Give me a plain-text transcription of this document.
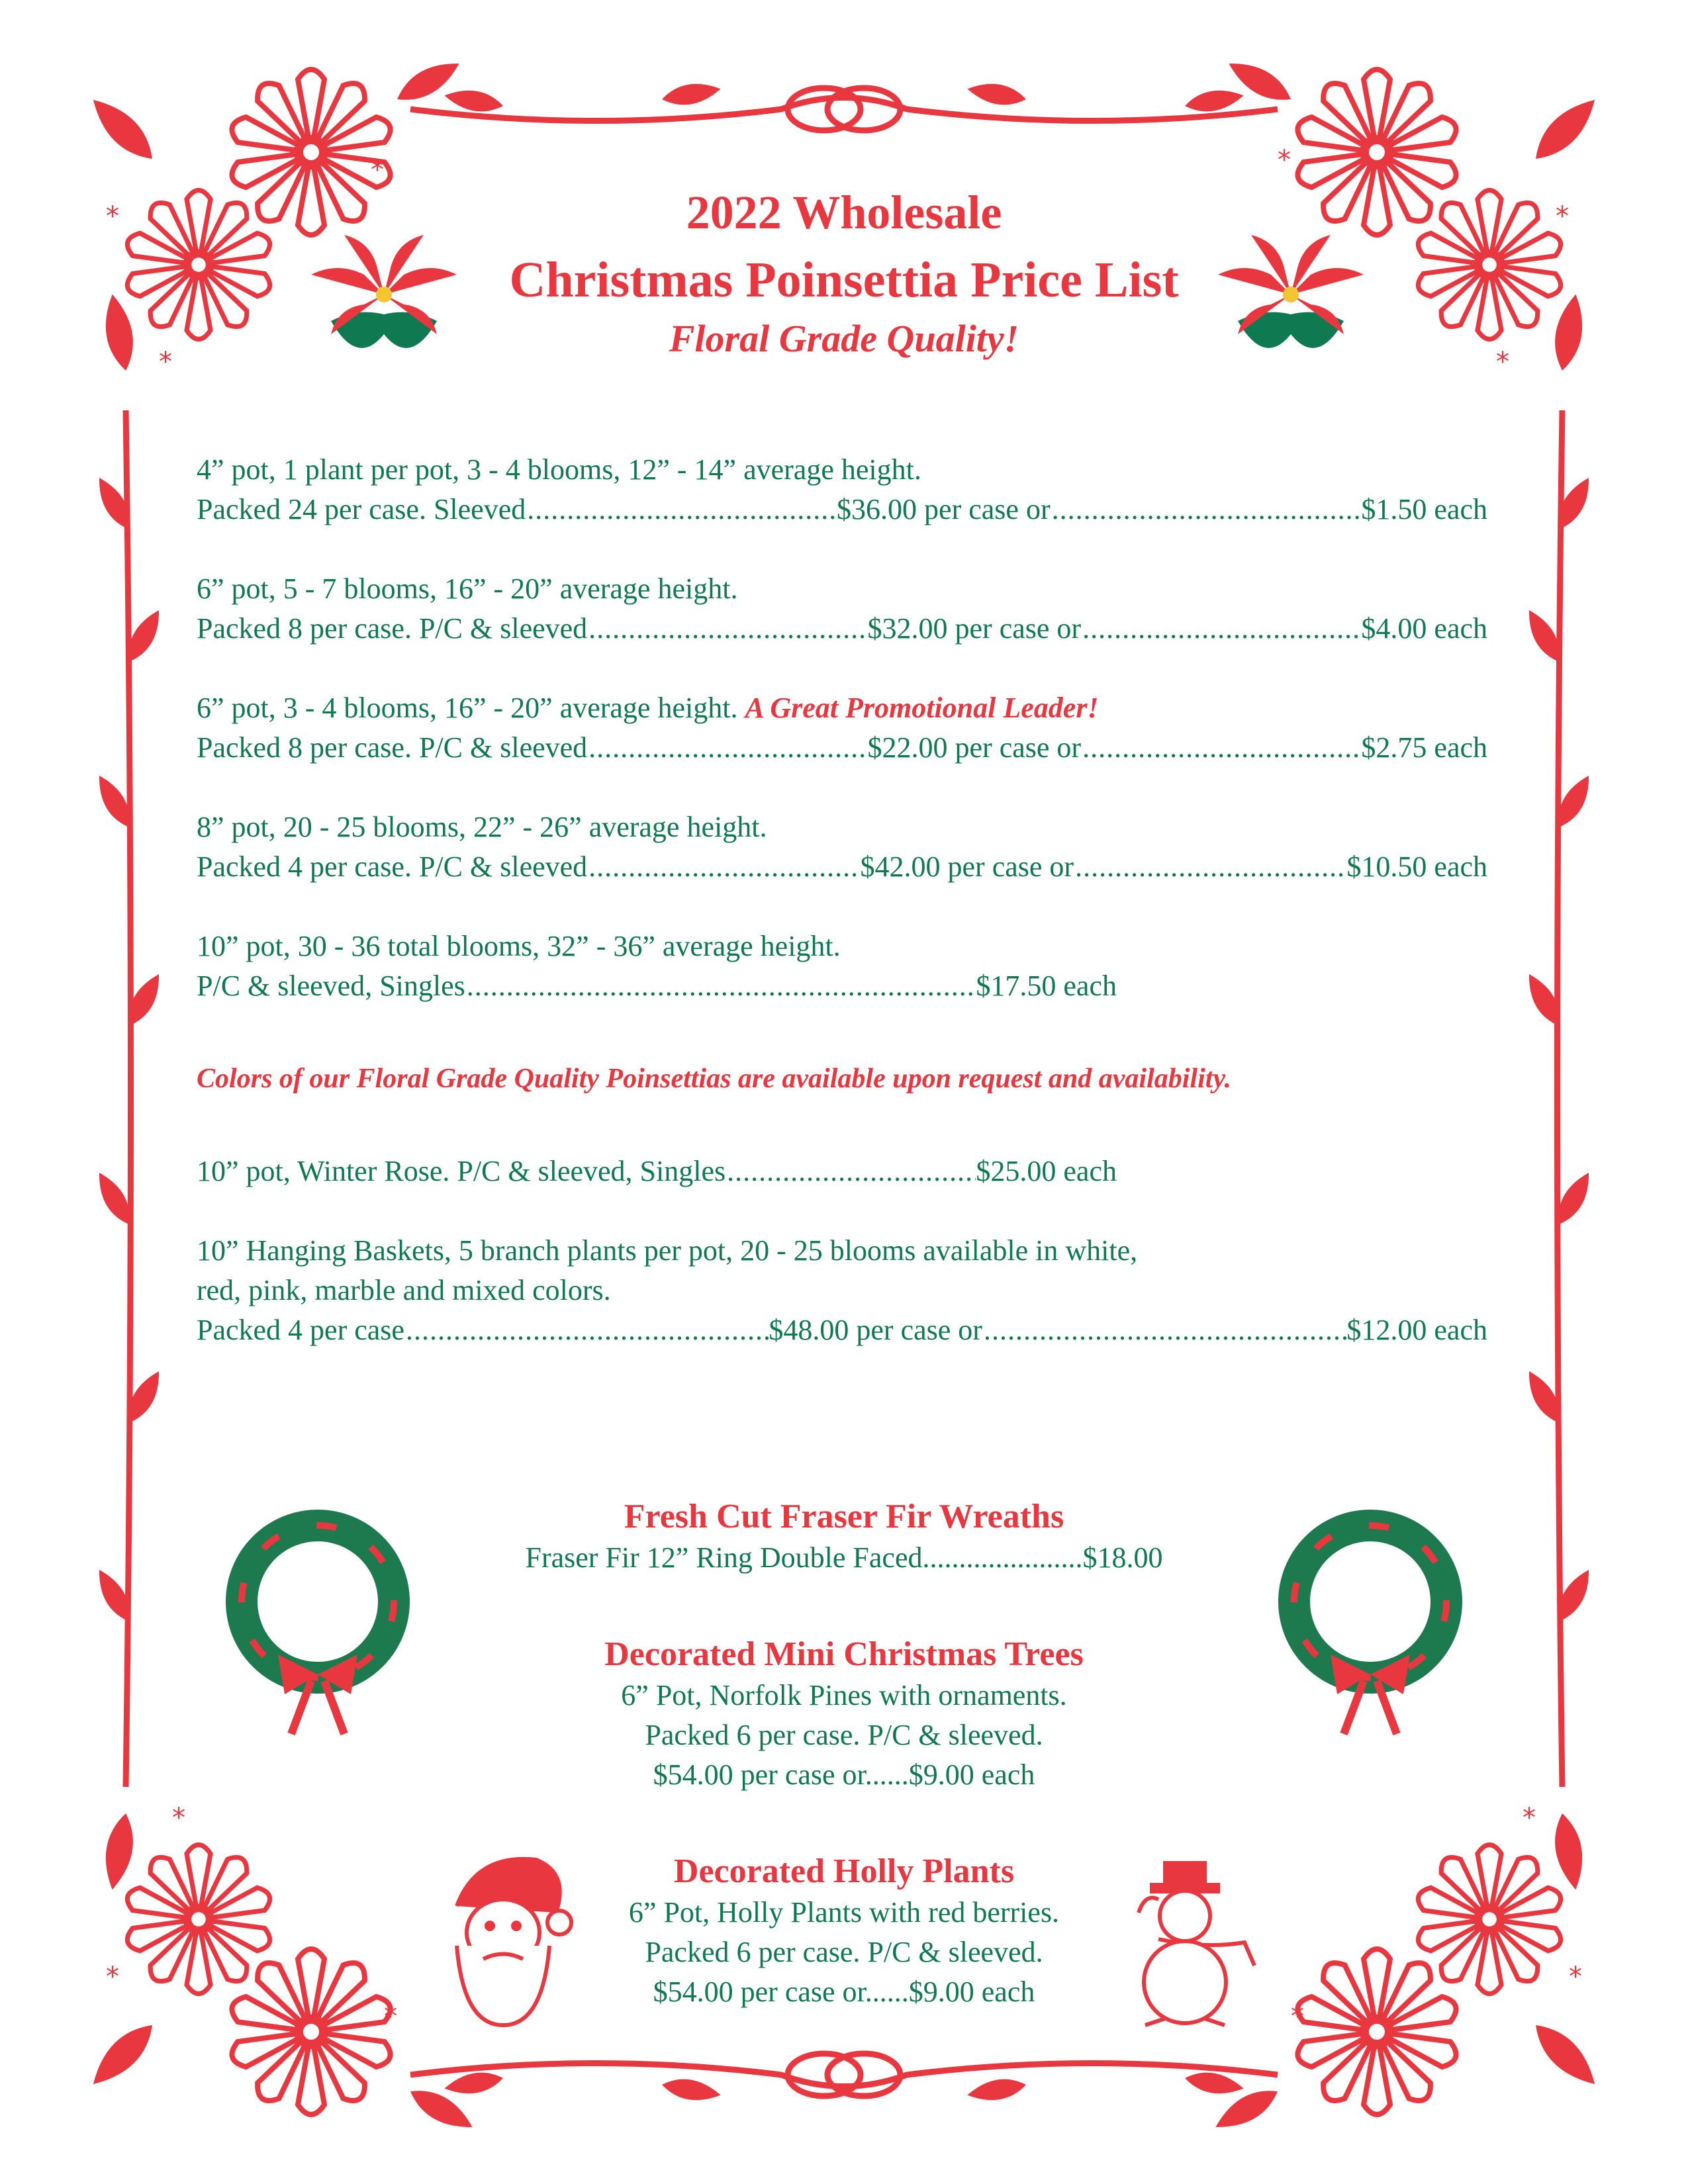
*
*
*
*
*
*
*
*
*
*
*
*
2022 Wholesale
Christmas Poinsettia Price List
Floral Grade Quality!
4” pot, 1 plant per pot, 3 - 4 blooms, 12” - 14” average height.
Packed 24 per case. Sleeved .....	$36.00 per case or .....	$1.50 each
6” pot, 5 - 7 blooms, 16” - 20” average height.
Packed 8 per case. P/C & sleeved .....	$32.00 per case or .....	$4.00 each
6” pot, 3 - 4 blooms, 16” - 20” average height. A Great Promotional Leader!
Packed 8 per case. P/C & sleeved .....	$22.00 per case or .....	$2.75 each
8” pot, 20 - 25 blooms, 22” - 26” average height.
Packed 4 per case. P/C & sleeved .....	$42.00 per case or .....	$10.50 each
10” pot, 30 - 36 total blooms, 32” - 36” average height.
P/C & sleeved, Singles .....	$17.50 each
Colors of our Floral Grade Quality Poinsettias are available upon request and availability.
10” pot, Winter Rose. P/C & sleeved, Singles .....	$25.00 each
10” Hanging Baskets, 5 branch plants per pot, 20 - 25 blooms available in white,
red, pink, marble and mixed colors.
Packed 4 per case .....	$48.00 per case or .....	$12.00 each
Fresh Cut Fraser Fir Wreaths
Fraser Fir 12” Ring Double Faced......................$18.00
Decorated Mini Christmas Trees
6” Pot, Norfolk Pines with ornaments.
Packed 6 per case. P/C & sleeved.
$54.00 per case or......$9.00 each
Decorated Holly Plants
6” Pot, Holly Plants with red berries.
Packed 6 per case. P/C & sleeved.
$54.00 per case or......$9.00 each
